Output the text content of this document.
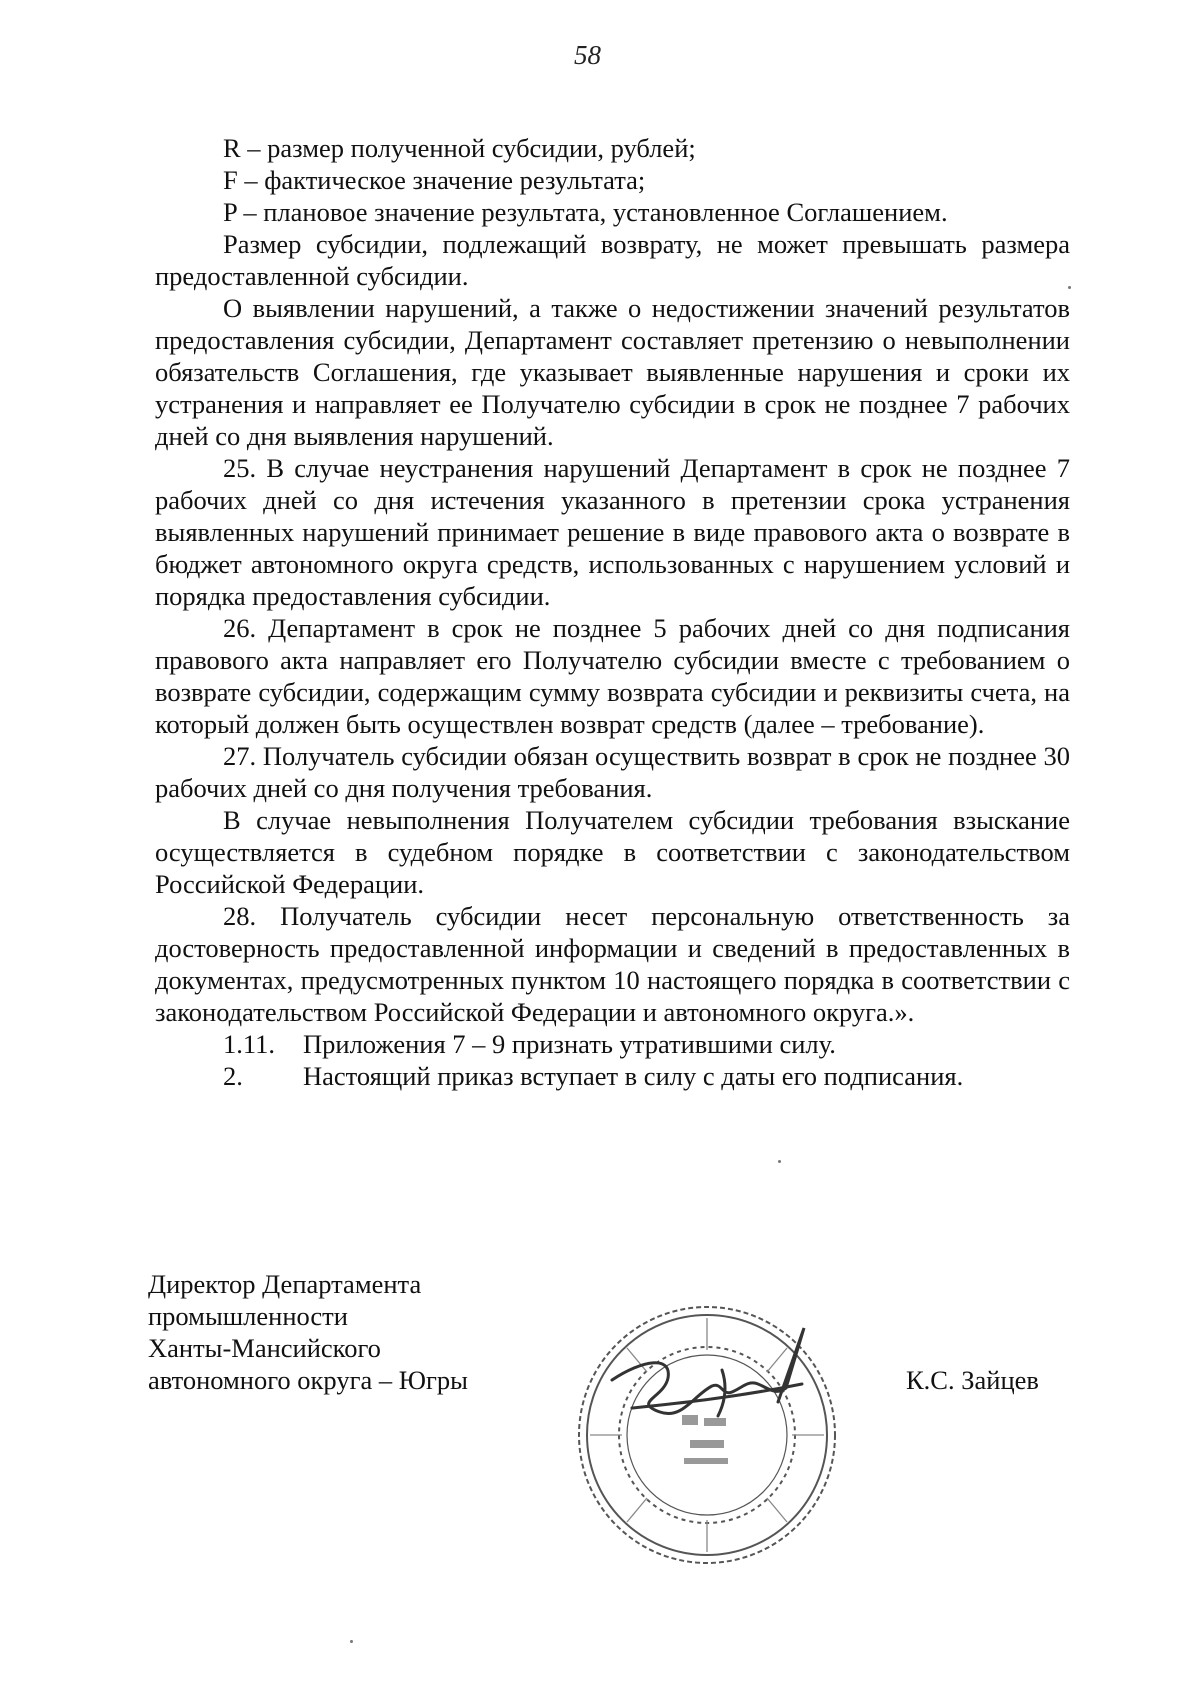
58

R – размер полученной субсидии, рублей;

F – фактическое значение результата;

P – плановое значение результата, установленное Соглашением.

Размер субсидии, подлежащий возврату, не может превышать размера предоставленной субсидии.

О выявлении нарушений, а также о недостижении значений результатов предоставления субсидии, Департамент составляет претензию о невыполнении обязательств Соглашения, где указывает выявленные нарушения и сроки их устранения и направляет ее Получателю субсидии в срок не позднее 7 рабочих дней со дня выявления нарушений.

25. В случае неустранения нарушений Департамент в срок не позднее 7 рабочих дней со дня истечения указанного в претензии срока устранения выявленных нарушений принимает решение в виде правового акта о возврате в бюджет автономного округа средств, использованных с нарушением условий и порядка предоставления субсидии.

26. Департамент в срок не позднее 5 рабочих дней со дня подписания правового акта направляет его Получателю субсидии вместе с требованием о возврате субсидии, содержащим сумму возврата субсидии и реквизиты счета, на который должен быть осуществлен возврат средств (далее – требование).

27. Получатель субсидии обязан осуществить возврат в срок не позднее 30 рабочих дней со дня получения требования.

В случае невыполнения Получателем субсидии требования взыскание осуществляется в судебном порядке в соответствии с законодательством Российской Федерации.

28. Получатель субсидии несет персональную ответственность за достоверность предоставленной информации и сведений в предоставленных в документах, предусмотренных пунктом 10 настоящего порядка в соответствии с законодательством Российской Федерации и автономного округа.».

1.11. Приложения 7 – 9 признать утратившими силу.

2. Настоящий приказ вступает в силу с даты его подписания.

Директор Департамента
промышленности
Ханты-Мансийского
автономного округа – Югры	К.С. Зайцев
